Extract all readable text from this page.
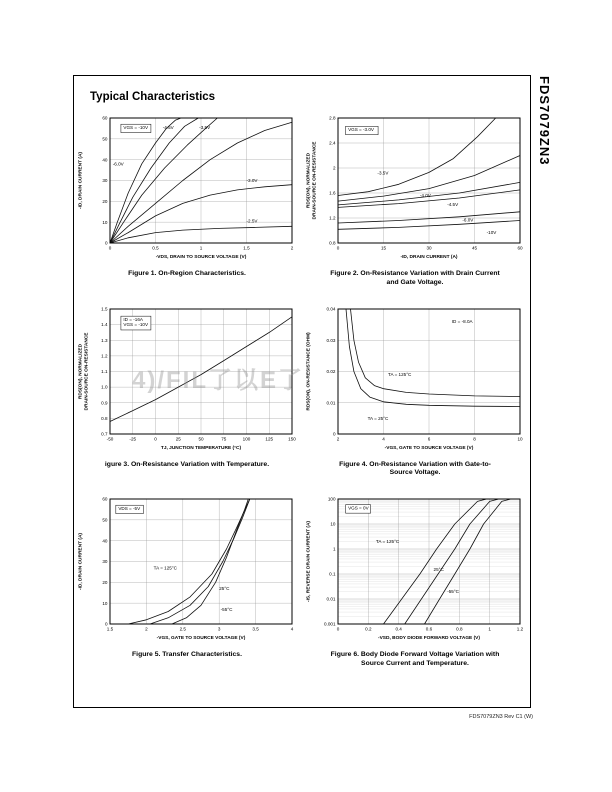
Typical Characteristics
0	0.5	1	1.5	2
0
10
20
30
40
50
60
-VDS, DRAIN TO SOURCE VOLTAGE (V)
-ID, DRAIN CURRENT (A)
VGS = -10V
-6.0V
-4.5V	-3.5V
-3.0V
-2.5V
Figure 1. On-Region Characteristics.
0	15	30	45	60
0.8
1.2
1.6
2
2.4
2.8
-ID, DRAIN CURRENT (A)
RDS(ON), NORMALIZED DRAIN-SOURCE ON-RESISTANCE
VGS = -3.0V
-3.5V
-4.0V
-4.5V
-6.0V
-10V
Figure 2. On-Resistance Variation with Drain Current and Gate Voltage.
-50	-25	0	25	50	75	100	125	150
0.7
0.8
0.9
1.0
1.1
1.2
1.3
1.4
1.5
TJ, JUNCTION TEMPERATURE (°C)
RDS(ON), NORMALIZED DRAIN-SOURCE ON-RESISTANCE
ID = -16A
VGS = -10V
igure 3. On-Resistance Variation with Temperature.
2	4	6	8	10
0
0.01
0.02
0.03
0.04
-VGS, GATE TO SOURCE VOLTAGE (V)
RDS(ON), ON-RESISTANCE (OHM)
ID = -8.0A
TA = 125°C
TA = 25°C
Figure 4. On-Resistance Variation with Gate-to-Source Voltage.
1.5	2	2.5	3	3.5	4
0
10
20
30
40
50
60
-VGS, GATE TO SOURCE VOLTAGE (V)
-ID, DRAIN CURRENT (A)
VDS = -5V
TA = 125°C
25°C
-55°C
Figure 5. Transfer Characteristics.
0	0.2	0.4	0.6	0.8	1	1.2
0.001
0.01
0.1
1
10
100
-VSD, BODY DIODE FORWARD VOLTAGE (V)
-IS, REVERSE DRAIN CURRENT (A)
VGS = 0V
TA = 125°C
25°C
-55°C
Figure 6. Body Diode Forward Voltage Variation with Source Current and Temperature.
4)/FIL了以E了
FDS7079ZN3
FDS7079ZN3 Rev C1 (W)
